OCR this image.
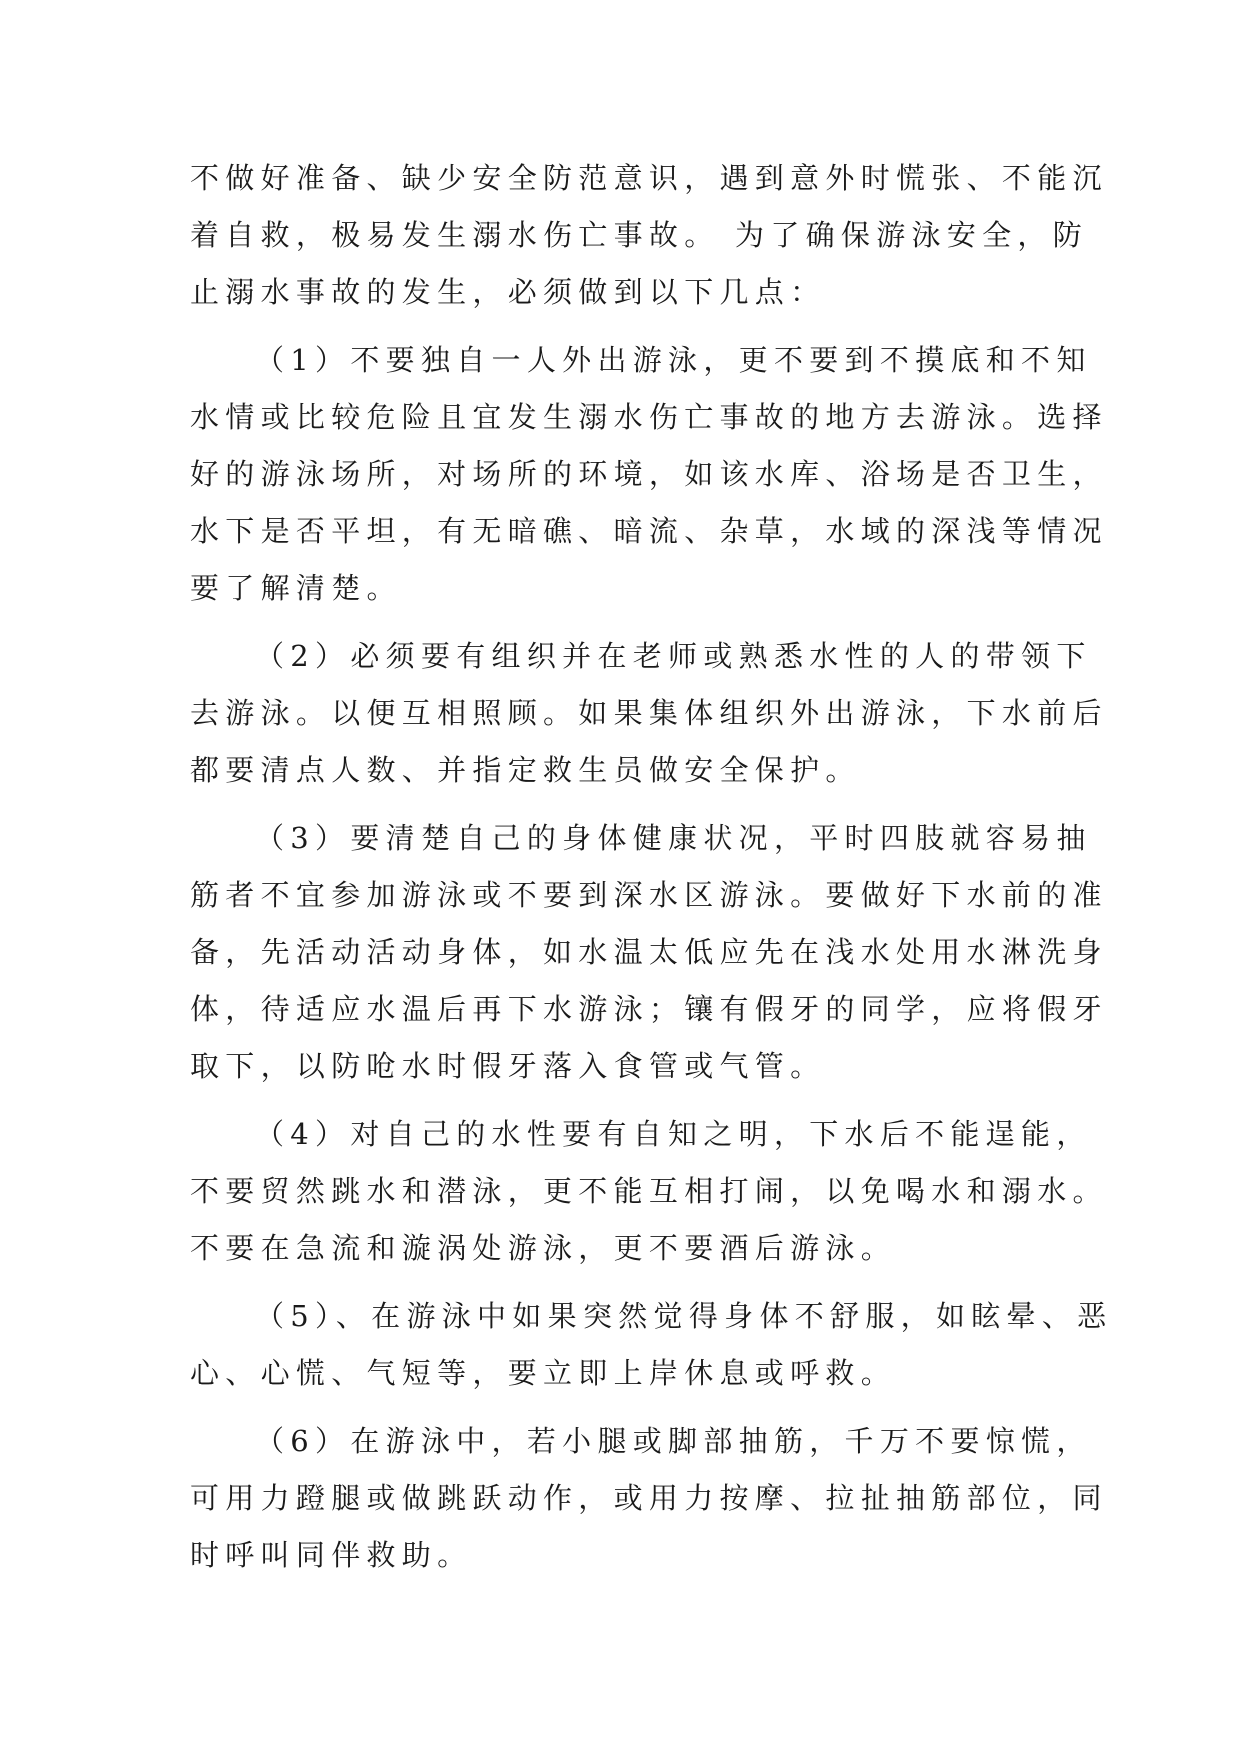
不做好准备、缺少安全防范意识，遇到意外时慌张、不能沉
着自救，极易发生溺水伤亡事故。 为了确保游泳安全，防
止溺水事故的发生，必须做到以下几点：
（1）不要独自一人外出游泳，更不要到不摸底和不知
水情或比较危险且宜发生溺水伤亡事故的地方去游泳。选择
好的游泳场所，对场所的环境，如该水库、浴场是否卫生，
水下是否平坦，有无暗礁、暗流、杂草，水域的深浅等情况
要了解清楚。
（2）必须要有组织并在老师或熟悉水性的人的带领下
去游泳。以便互相照顾。如果集体组织外出游泳，下水前后
都要清点人数、并指定救生员做安全保护。
（3）要清楚自己的身体健康状况，平时四肢就容易抽
筋者不宜参加游泳或不要到深水区游泳。要做好下水前的准
备，先活动活动身体，如水温太低应先在浅水处用水淋洗身
体，待适应水温后再下水游泳；镶有假牙的同学，应将假牙
取下，以防呛水时假牙落入食管或气管。
（4）对自己的水性要有自知之明，下水后不能逞能，
不要贸然跳水和潜泳，更不能互相打闹，以免喝水和溺水。
不要在急流和漩涡处游泳，更不要酒后游泳。
（5）、在游泳中如果突然觉得身体不舒服，如眩晕、恶
心、心慌、气短等，要立即上岸休息或呼救。
（6）在游泳中，若小腿或脚部抽筋，千万不要惊慌，
可用力蹬腿或做跳跃动作，或用力按摩、拉扯抽筋部位，同
时呼叫同伴救助。
